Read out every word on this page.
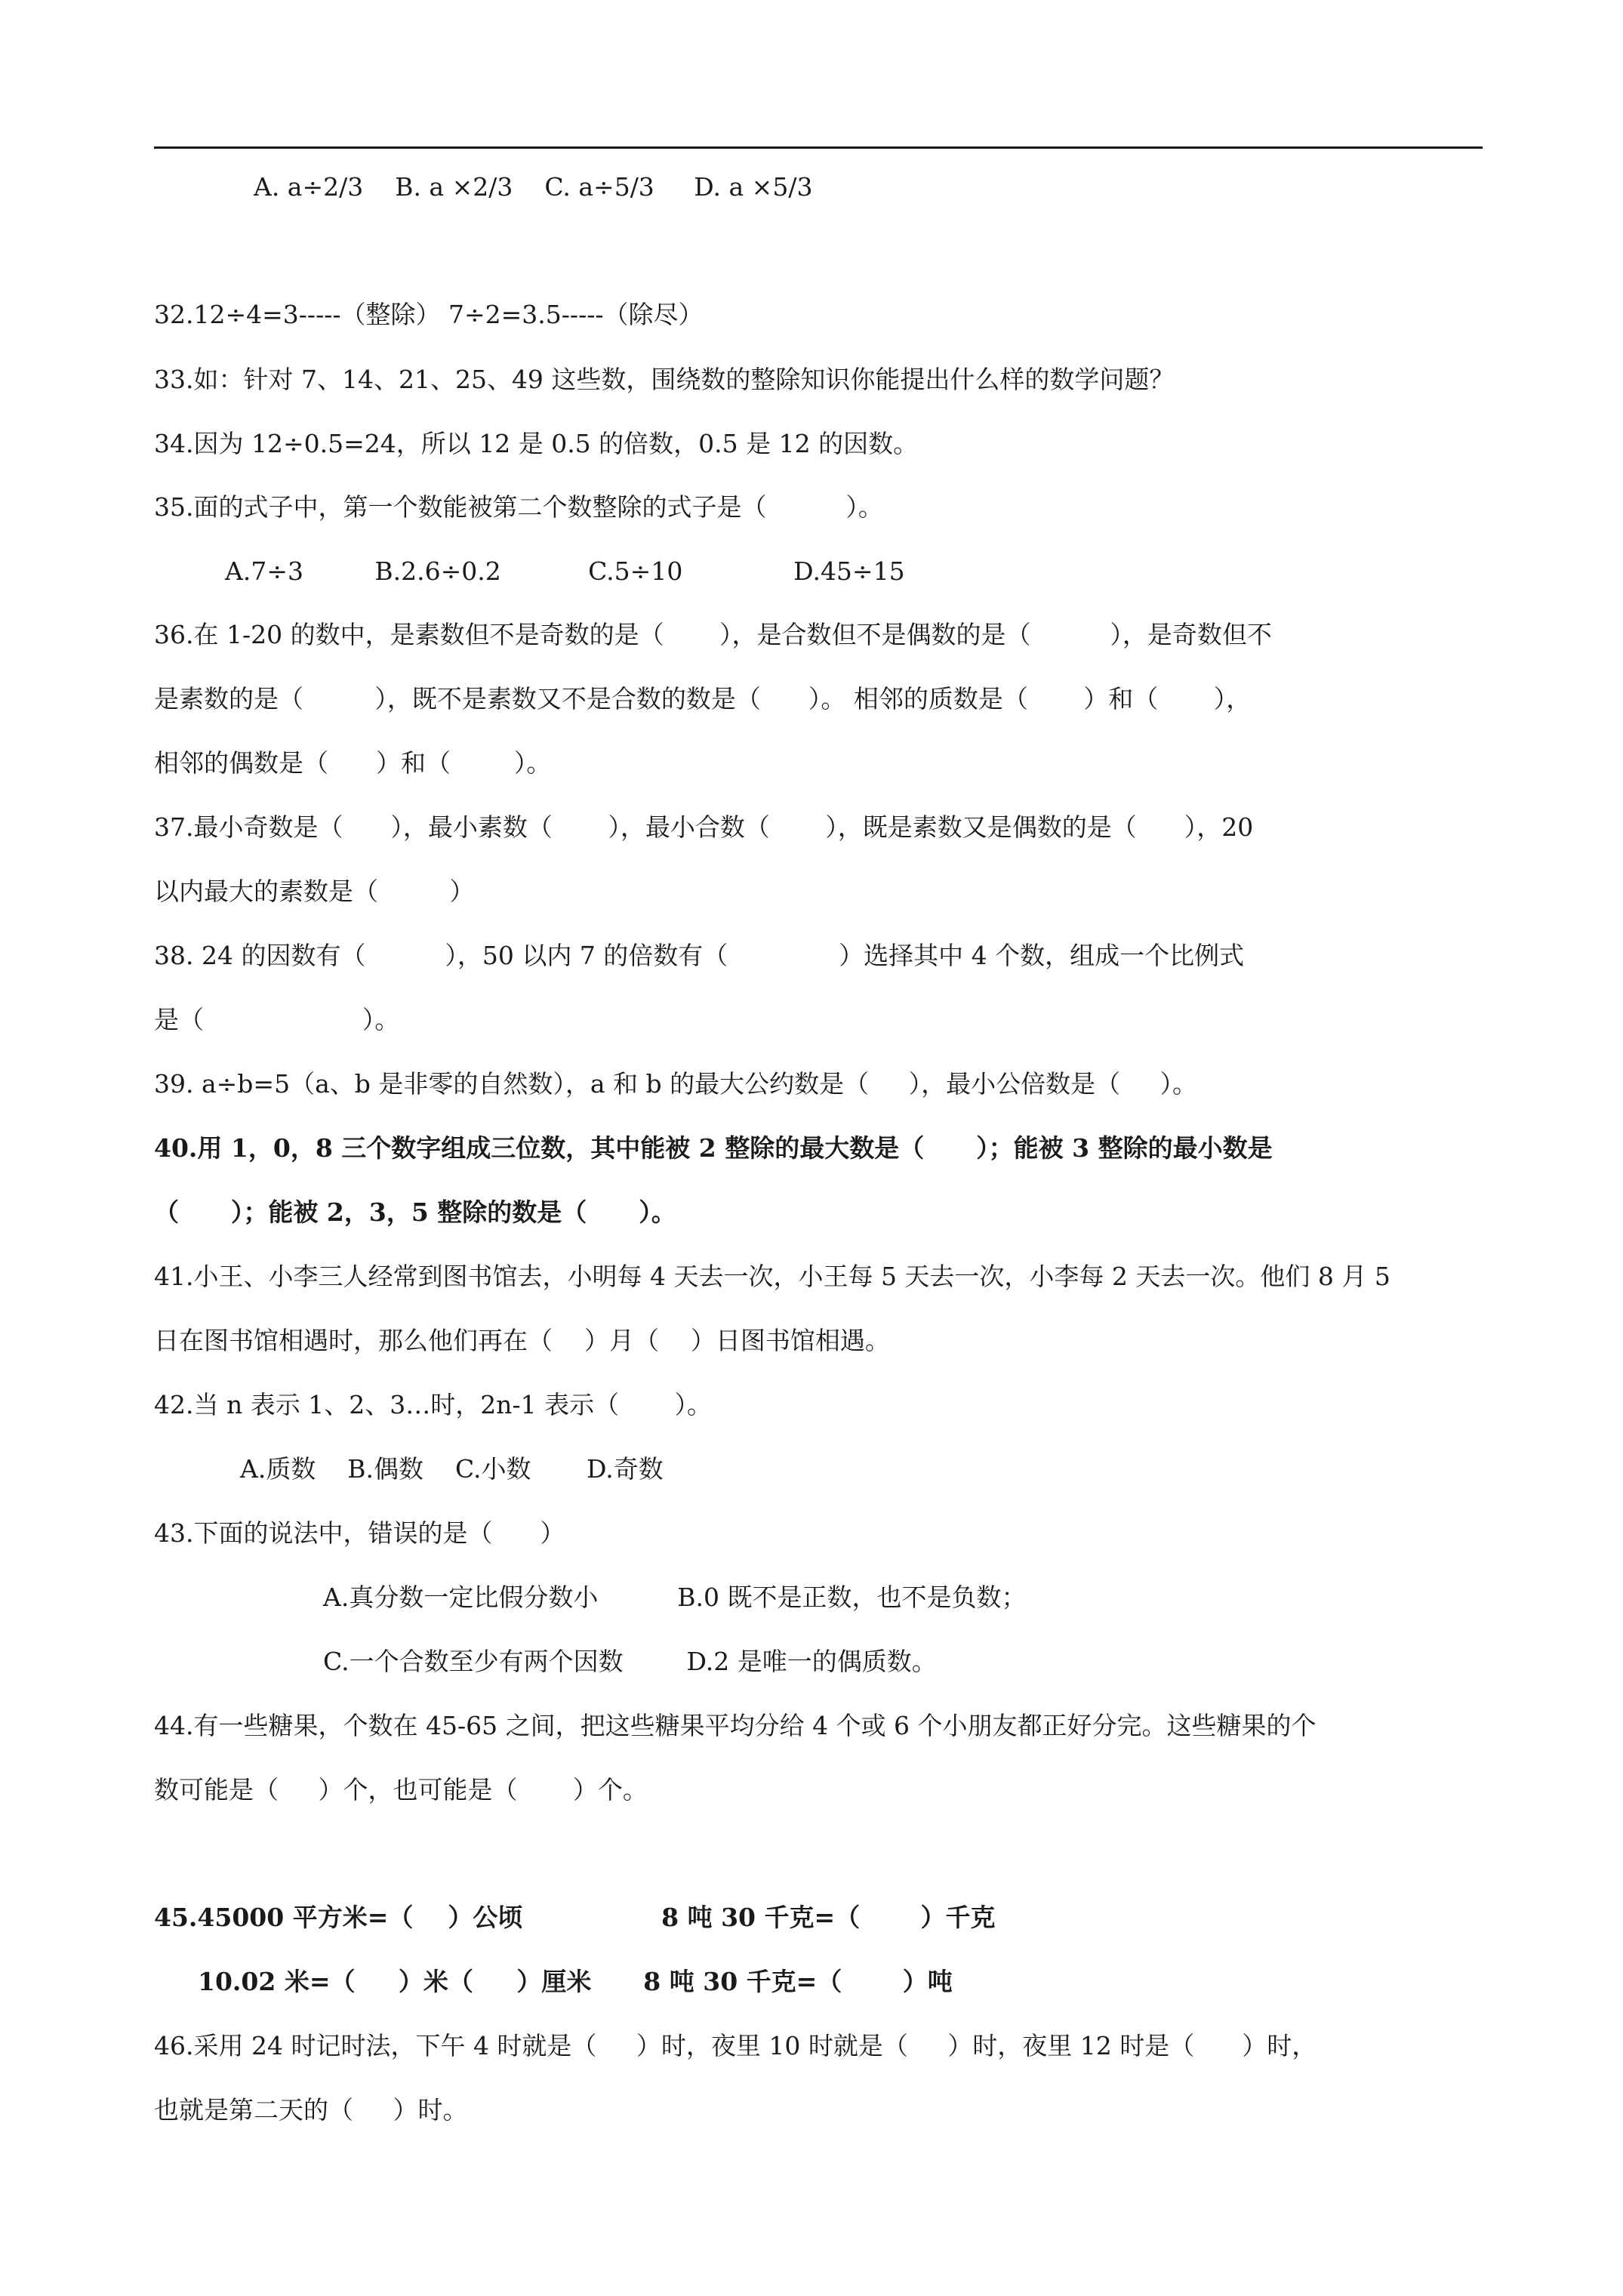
A. a÷2/3    B. a ×2/3    C. a÷5/3     D. a ×5/3
32.12÷4=3-----（整除） 7÷2=3.5-----（除尽）
33.如：针对 7、14、21、25、49 这些数，围绕数的整除知识你能提出什么样的数学问题？
34.因为 12÷0.5=24，所以 12 是 0.5 的倍数，0.5 是 12 的因数。
35.面的式子中，第一个数能被第二个数整除的式子是（          ）。
A.7÷3         B.2.6÷0.2           C.5÷10              D.45÷15
36.在 1-20 的数中，是素数但不是奇数的是（       ），是合数但不是偶数的是（          ），是奇数但不
是素数的是（         ），既不是素数又不是合数的数是（      ）。 相邻的质数是（       ）和（       ），
相邻的偶数是（      ）和（        ）。
37.最小奇数是（      ），最小素数（       ），最小合数（       ），既是素数又是偶数的是（      ），20
以内最大的素数是（         ）
38. 24 的因数有（          ），50 以内 7 的倍数有（              ）选择其中 4 个数，组成一个比例式
是（                    ）。
39. a÷b=5（a、b 是非零的自然数），a 和 b 的最大公约数是（     ），最小公倍数是（     ）。
40.用 1，0，8 三个数字组成三位数，其中能被 2 整除的最大数是（      ）；能被 3 整除的最小数是
（      ）；能被 2，3，5 整除的数是（      ）。
41.小王、小李三人经常到图书馆去，小明每 4 天去一次，小王每 5 天去一次，小李每 2 天去一次。他们 8 月 5
日在图书馆相遇时，那么他们再在（    ）月（    ）日图书馆相遇。
42.当 n 表示 1、2、3…时，2n-1 表示（       ）。
A.质数    B.偶数    C.小数       D.奇数
43.下面的说法中，错误的是（      ）
A.真分数一定比假分数小          B.0 既不是正数，也不是负数；
C.一个合数至少有两个因数        D.2 是唯一的偶质数。
44.有一些糖果，个数在 45-65 之间，把这些糖果平均分给 4 个或 6 个小朋友都正好分完。这些糖果的个
数可能是（     ）个，也可能是（       ）个。
45.45000 平方米=（    ）公顷                8 吨 30 千克=（       ）千克
10.02 米=（     ）米（     ）厘米      8 吨 30 千克=（       ）吨
46.采用 24 时记时法，下午 4 时就是（     ）时，夜里 10 时就是（     ）时，夜里 12 时是（      ）时，
也就是第二天的（     ）时。
